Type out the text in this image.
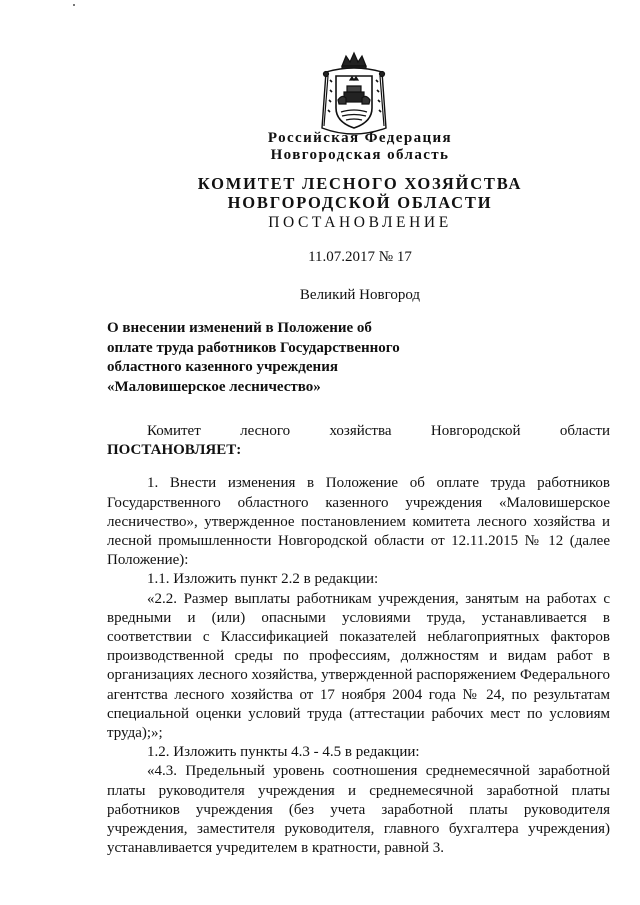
Российская Федерация
Новгородская область
КОМИТЕТ ЛЕСНОГО ХОЗЯЙСТВА
НОВГОРОДСКОЙ ОБЛАСТИ
ПОСТАНОВЛЕНИЕ
11.07.2017 № 17
Великий Новгород
О внесении изменений в Положение об
оплате труда работников Государственного
областного казенного учреждения
«Маловишерское лесничество»
Комитет	лесного	хозяйства	Новгородской	области
ПОСТАНОВЛЯЕТ:

1. Внести изменения в Положение об оплате труда работников Государственного областного казенного учреждения «Маловишерское лесничество», утвержденное постановлением комитета лесного хозяйства и лесной промышленности Новгородской области от 12.11.2015 № 12 (далее Положение):

1.1. Изложить пункт 2.2 в редакции:

«2.2. Размер выплаты работникам учреждения, занятым на работах с вредными и (или) опасными условиями труда, устанавливается в соответствии с Классификацией показателей неблагоприятных факторов производственной среды по профессиям, должностям и видам работ в организациях лесного хозяйства, утвержденной распоряжением Федерального агентства лесного хозяйства от 17 ноября 2004 года № 24, по результатам специальной оценки условий труда (аттестации рабочих мест по условиям труда);»;

1.2. Изложить пункты 4.3 - 4.5 в редакции:

«4.3. Предельный уровень соотношения среднемесячной заработной платы руководителя учреждения и среднемесячной заработной платы работников учреждения (без учета заработной платы руководителя учреждения, заместителя руководителя, главного бухгалтера учреждения) устанавливается учредителем в кратности, равной 3.
